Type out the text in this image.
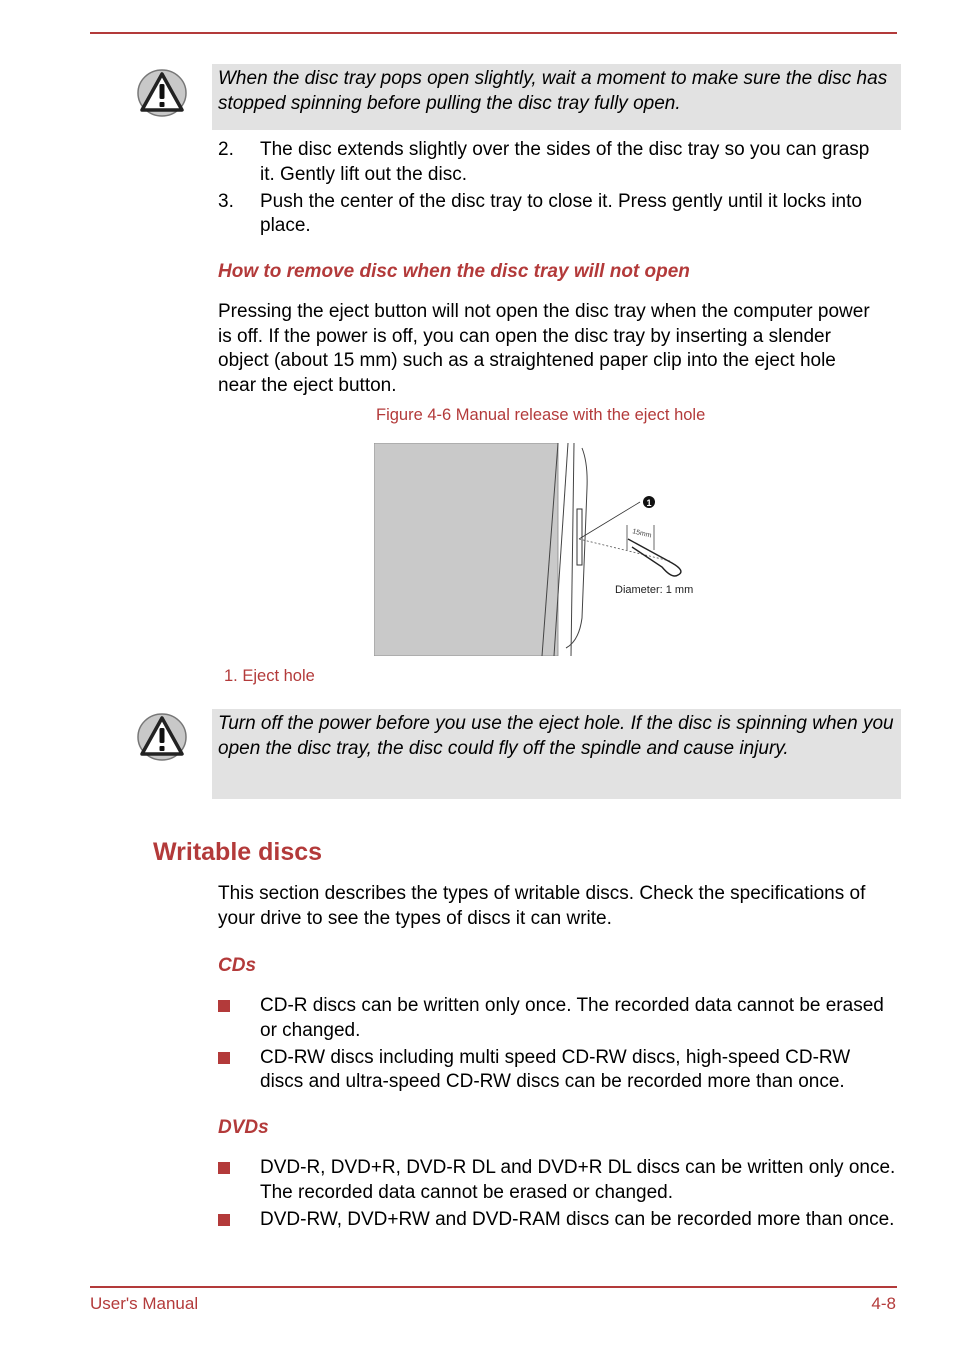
When the disc tray pops open slightly, wait a moment to make sure the disc has stopped spinning before pulling the disc tray fully open.
2. The disc extends slightly over the sides of the disc tray so you can grasp it. Gently lift out the disc.
3. Push the center of the disc tray to close it. Press gently until it locks into place.
How to remove disc when the disc tray will not open
Pressing the eject button will not open the disc tray when the computer power is off. If the power is off, you can open the disc tray by inserting a slender object (about 15 mm) such as a straightened paper clip into the eject hole near the eject button.
Figure 4-6 Manual release with the eject hole
1
15mm
Diameter: 1 mm
1. Eject hole
Turn off the power before you use the eject hole. If the disc is spinning when you open the disc tray, the disc could fly off the spindle and cause injury.
Writable discs
This section describes the types of writable discs. Check the specifications of your drive to see the types of discs it can write.
CDs
CD-R discs can be written only once. The recorded data cannot be erased or changed.
CD-RW discs including multi speed CD-RW discs, high-speed CD-RW discs and ultra-speed CD-RW discs can be recorded more than once.
DVDs
DVD-R, DVD+R, DVD-R DL and DVD+R DL discs can be written only once. The recorded data cannot be erased or changed.
DVD-RW, DVD+RW and DVD-RAM discs can be recorded more than once.
User's Manual	4-8
